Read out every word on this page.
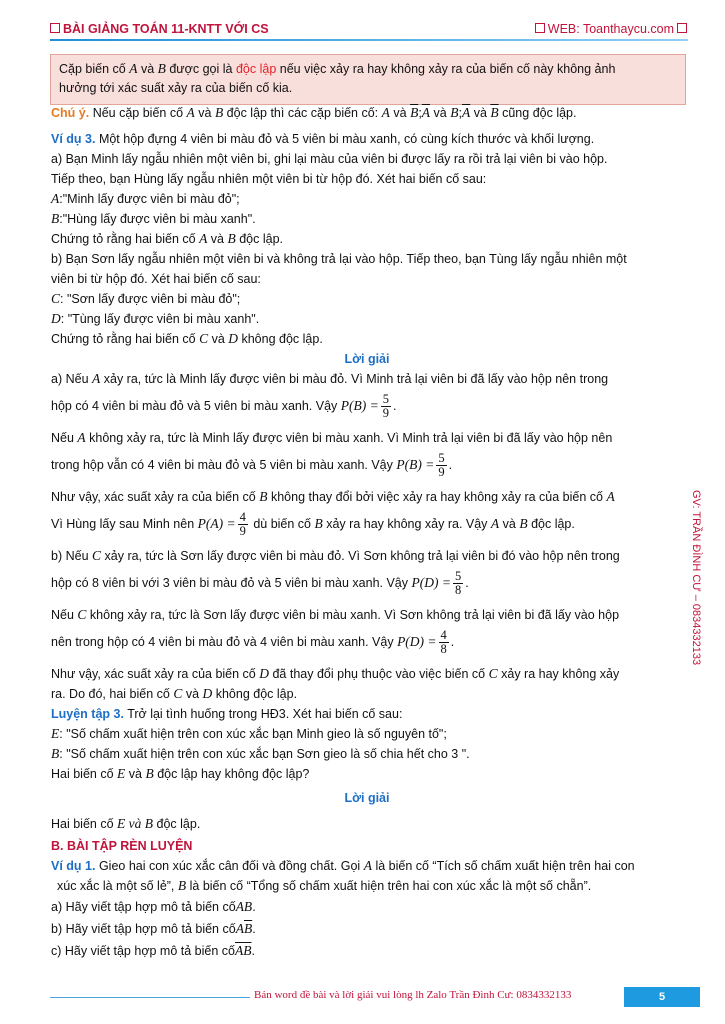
BÀI GIẢNG TOÁN 11-KNTT VỚI CS	WEB: Toanthaycu.com
Cặp biến cố A và B được gọi là độc lập nếu việc xảy ra hay không xảy ra của biến cố này không ảnh
hưởng tới xác suất xảy ra của biến cố kia.
Chú ý. Nếu cặp biến cố A và B độc lập thì các cặp biến cố: A và $\overline{B};\overline{A}$ và $B;\overline{A}$ và $\overline{B}$ cũng độc lập.
Ví dụ 3. Một hộp đựng 4 viên bi màu đỏ và 5 viên bi màu xanh, có cùng kích thước và khối lượng.
a) Bạn Minh lấy ngẫu nhiên một viên bi, ghi lại màu của viên bi được lấy ra rồi trả lại viên bi vào hộp.
Tiếp theo, bạn Hùng lấy ngẫu nhiên một viên bi từ hộp đó. Xét hai biến cố sau:
A:"Minh lấy được viên bi màu đỏ";
B:"Hùng lấy được viên bi màu xanh".
Chứng tỏ rằng hai biến cố A và B độc lập.
b) Bạn Sơn lấy ngẫu nhiên một viên bi và không trả lại vào hộp. Tiếp theo, bạn Tùng lấy ngẫu nhiên một
viên bi từ hộp đó. Xét hai biến cố sau:
C: "Sơn lấy được viên bi màu đỏ";
D: "Tùng lấy được viên bi màu xanh".
Chứng tỏ rằng hai biến cố C và D không độc lập.
Lời giải
a) Nếu A xảy ra, tức là Minh lấy được viên bi màu đỏ. Vì Minh trả lại viên bi đã lấy vào hộp nên trong
hộp có 4 viên bi màu đỏ và 5 viên bi màu xanh. Vậy $P(B) = \frac{5}{9}$ .
Nếu A không xảy ra, tức là Minh lấy được viên bi màu xanh. Vì Minh trả lại viên bi đã lấy vào hộp nên
trong hộp vẫn có 4 viên bi màu đỏ và 5 viên bi màu xanh. Vậy $P(B) = \frac{5}{9}$ .
Như vậy, xác suất xảy ra của biến cố B không thay đổi bởi việc xảy ra hay không xảy ra của biến cố A
Vì Hùng lấy sau Minh nên $P(A) = \frac{4}{9}$ dù biến cố B xảy ra hay không xảy ra. Vậy A và B độc lập.
b) Nếu C xảy ra, tức là Sơn lấy được viên bi màu đỏ. Vì Sơn không trả lại viên bi đó vào hộp nên trong
hộp có 8 viên bi với 3 viên bi màu đỏ và 5 viên bi màu xanh. Vậy $P(D) = \frac{5}{8}$ .
Nếu C không xảy ra, tức là Sơn lấy được viên bi màu xanh. Vì Sơn không trả lại viên bi đã lấy vào hộp
nên trong hộp có 4 viên bi màu đỏ và 4 viên bi màu xanh. Vậy $P(D) = \frac{4}{8}$ .
Như vậy, xác suất xảy ra của biến cố D đã thay đổi phụ thuộc vào việc biến cố C xảy ra hay không xảy
ra. Do đó, hai biến cố C và D không độc lập.
Luyện tập 3. Trở lại tình huống trong HĐ3. Xét hai biến cố sau:
E: "Số chấm xuất hiện trên con xúc xắc bạn Minh gieo là số nguyên tố";
B: "Số chấm xuất hiện trên con xúc xắc bạn Sơn gieo là số chia hết cho 3 ".
Hai biến cố E và B độc lập hay không độc lập?
Lời giải
Hai biến cố E và B độc lập.
B. BÀI TẬP RÈN LUYỆN
Ví dụ 1. Gieo hai con xúc xắc cân đối và đồng chất. Gọi A là biến cố “Tích số chấm xuất hiện trên hai con
xúc xắc là một số lẻ”, B là biến cố “Tổng số chấm xuất hiện trên hai con xúc xắc là một số chẵn”.
a) Hãy viết tập hợp mô tả biến cốAB.
b) Hãy viết tập hợp mô tả biến $cốA\overline{B}$.
c) Hãy viết tập hợp mô tả biến $cố\overline{A}\overline{B}$.
GV: TRẦN ĐÌNH CƯ – 0834332133
Bản word đề bài và lời giải vui lòng lh Zalo Trần Đình Cư: 0834332133	5
